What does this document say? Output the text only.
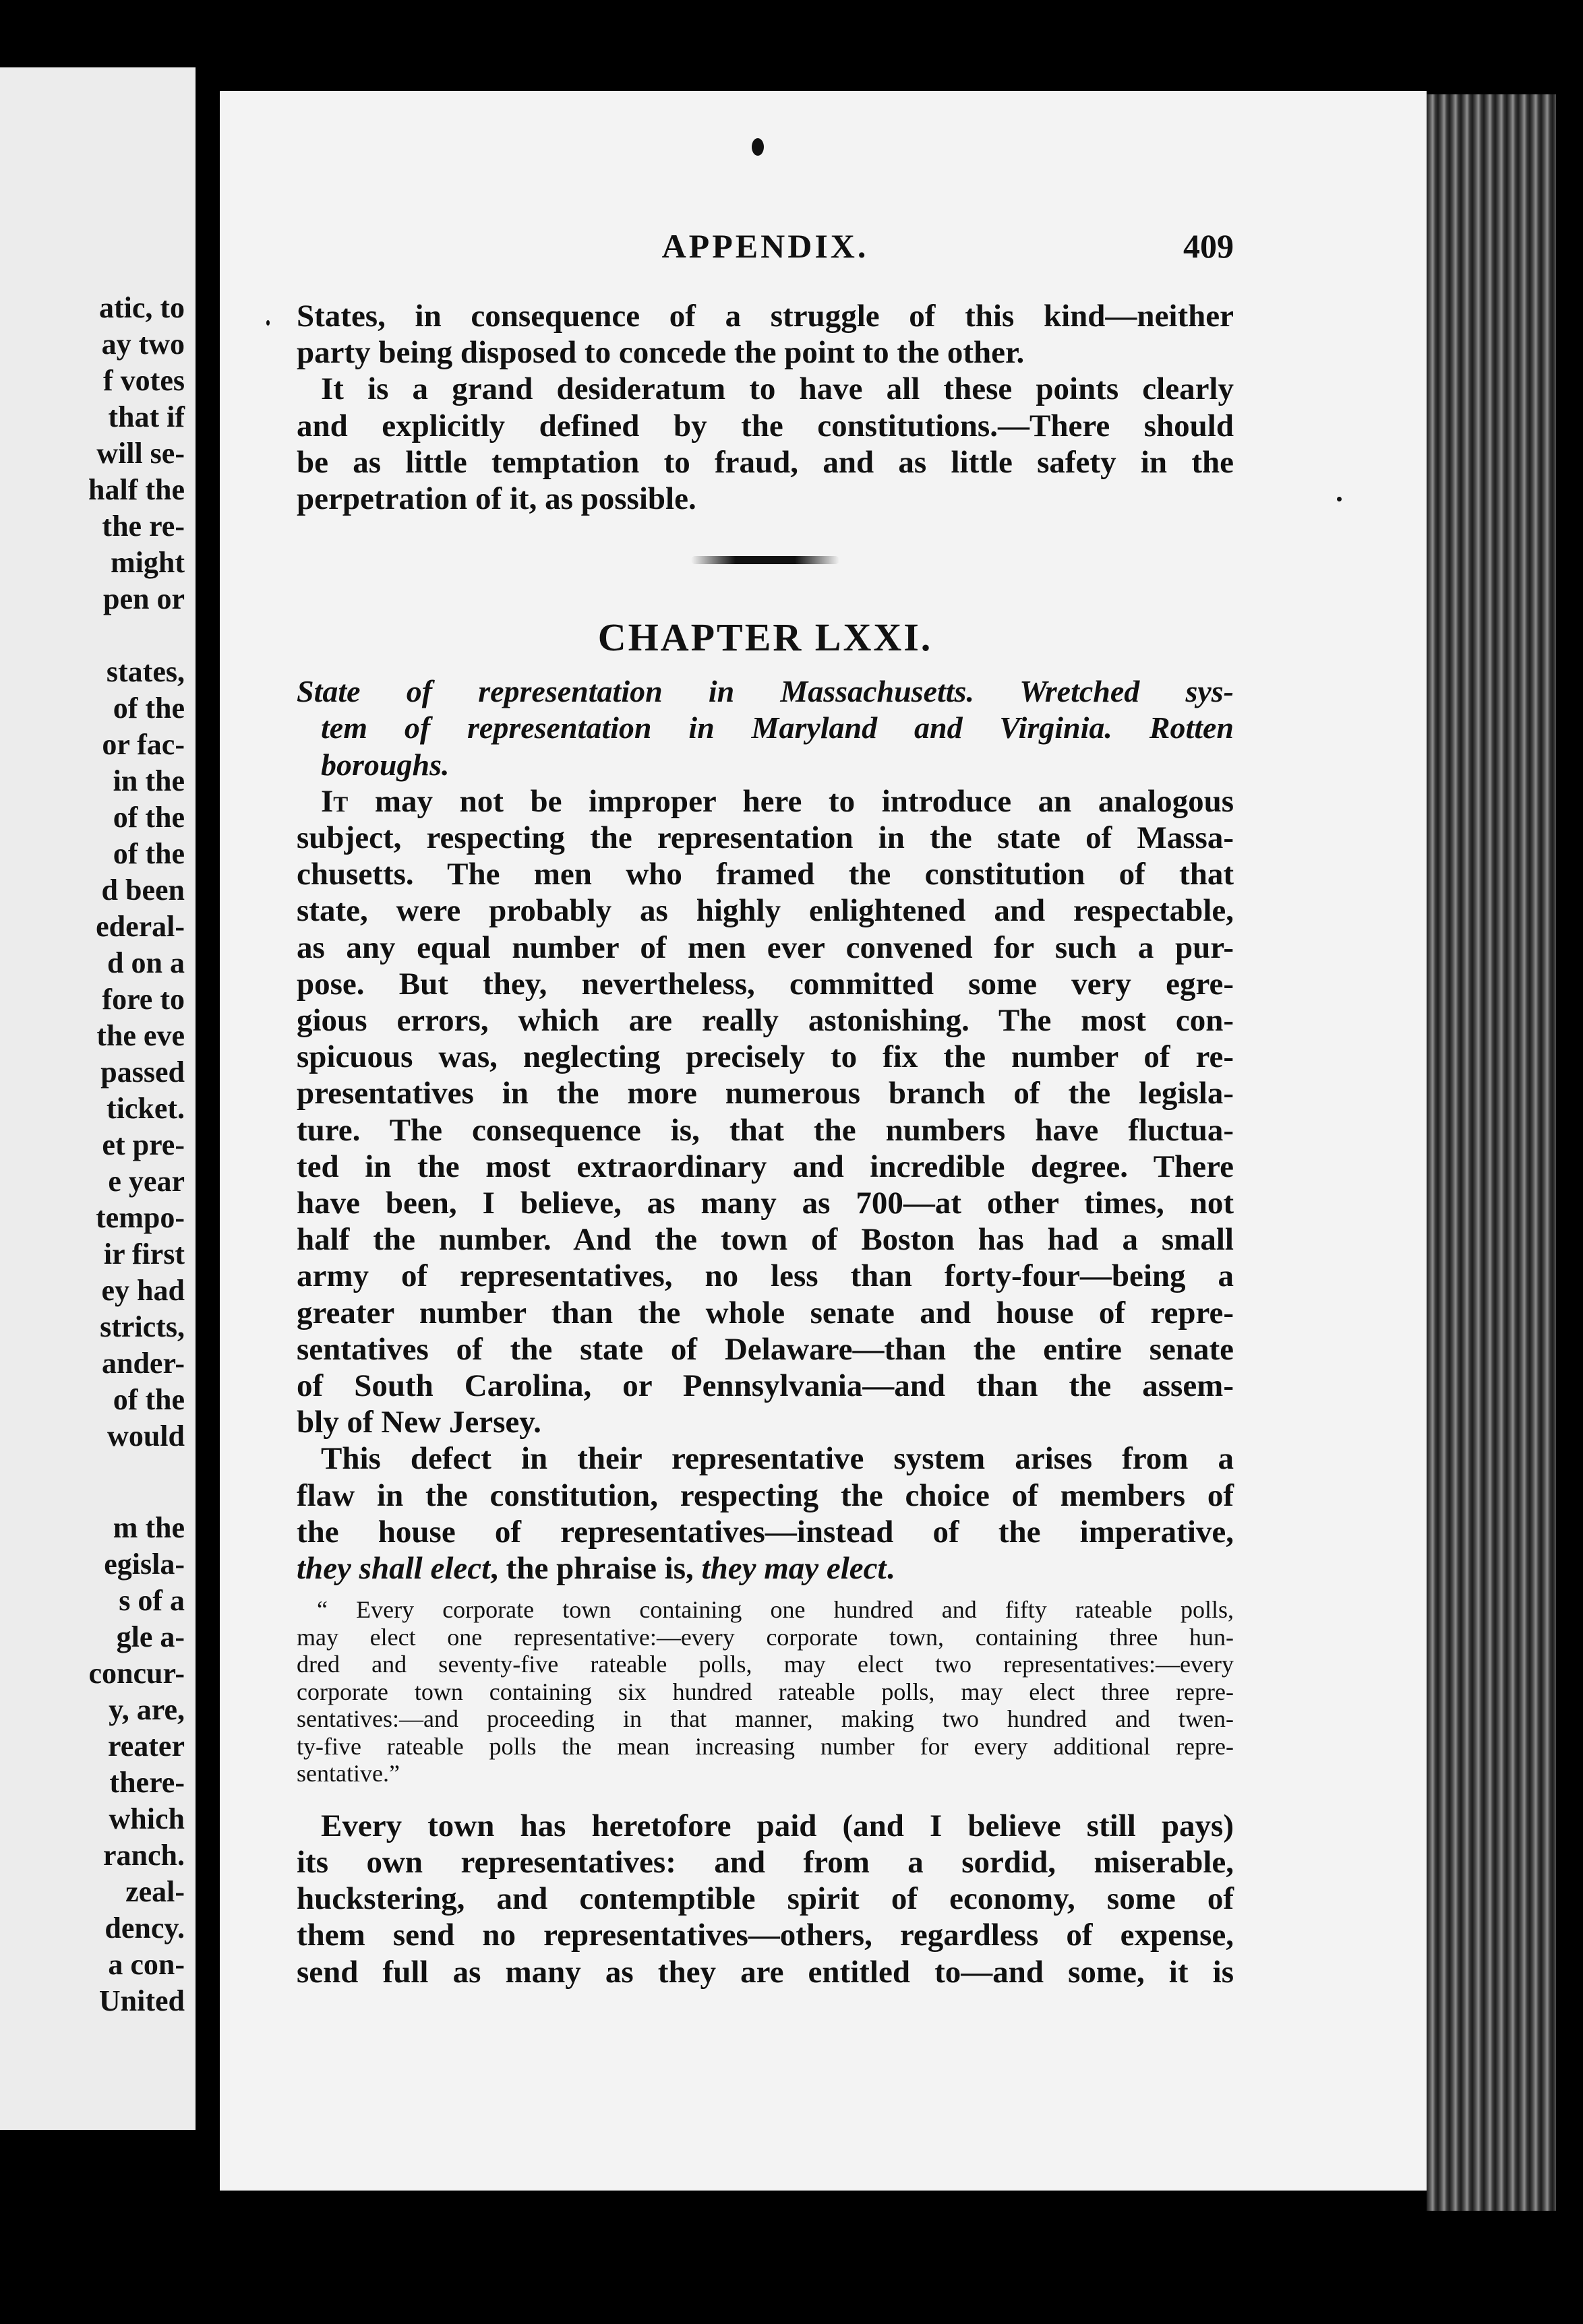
atic, to
ay two
f votes
that if
will se-
half the
the re-
might
pen or
states,
of the
or fac-
in the
of the
of the
d been
ederal-
d on a
fore to
the eve
passed
ticket.
et pre-
e year
tempo-
ir first
ey had
stricts,
ander-
of the
would
m the
egisla-
s of a
gle a-
concur-
y, are,
reater
there-
which
ranch.
zeal-
dency.
a con-
United
APPENDIX.	409

States, in consequence of a struggle of this kind—neither

party being disposed to concede the point to the other.

It is a grand desideratum to have all these points clearly

and explicitly defined by the constitutions.—There should

be as little temptation to fraud, and as little safety in the

perpetration of it, as possible.

CHAPTER LXXI.

State of representation in Massachusetts. Wretched sys-

tem of representation in Maryland and Virginia. Rotten

boroughs.

It may not be improper here to introduce an analogous

subject, respecting the representation in the state of Massa-

chusetts. The men who framed the constitution of that

state, were probably as highly enlightened and respectable,

as any equal number of men ever convened for such a pur-

pose. But they, nevertheless, committed some very egre-

gious errors, which are really astonishing. The most con-

spicuous was, neglecting precisely to fix the number of re-

presentatives in the more numerous branch of the legisla-

ture. The consequence is, that the numbers have fluctua-

ted in the most extraordinary and incredible degree. There

have been, I believe, as many as 700—at other times, not

half the number. And the town of Boston has had a small

army of representatives, no less than forty-four—being a

greater number than the whole senate and house of repre-

sentatives of the state of Delaware—than the entire senate

of South Carolina, or Pennsylvania—and than the assem-

bly of New Jersey.

This defect in their representative system arises from a

flaw in the constitution, respecting the choice of members of

the house of representatives—instead of the imperative,

they shall elect, the phraise is, they may elect.

“ Every corporate town containing one hundred and fifty rateable polls,

may elect one representative:—every corporate town, containing three hun-

dred and seventy-five rateable polls, may elect two representatives:—every

corporate town containing six hundred rateable polls, may elect three repre-

sentatives:—and proceeding in that manner, making two hundred and twen-

ty-five rateable polls the mean increasing number for every additional repre-

sentative.”

Every town has heretofore paid (and I believe still pays)

its own representatives: and from a sordid, miserable,

huckstering, and contemptible spirit of economy, some of

them send no representatives—others, regardless of expense,

send full as many as they are entitled to—and some, it is
